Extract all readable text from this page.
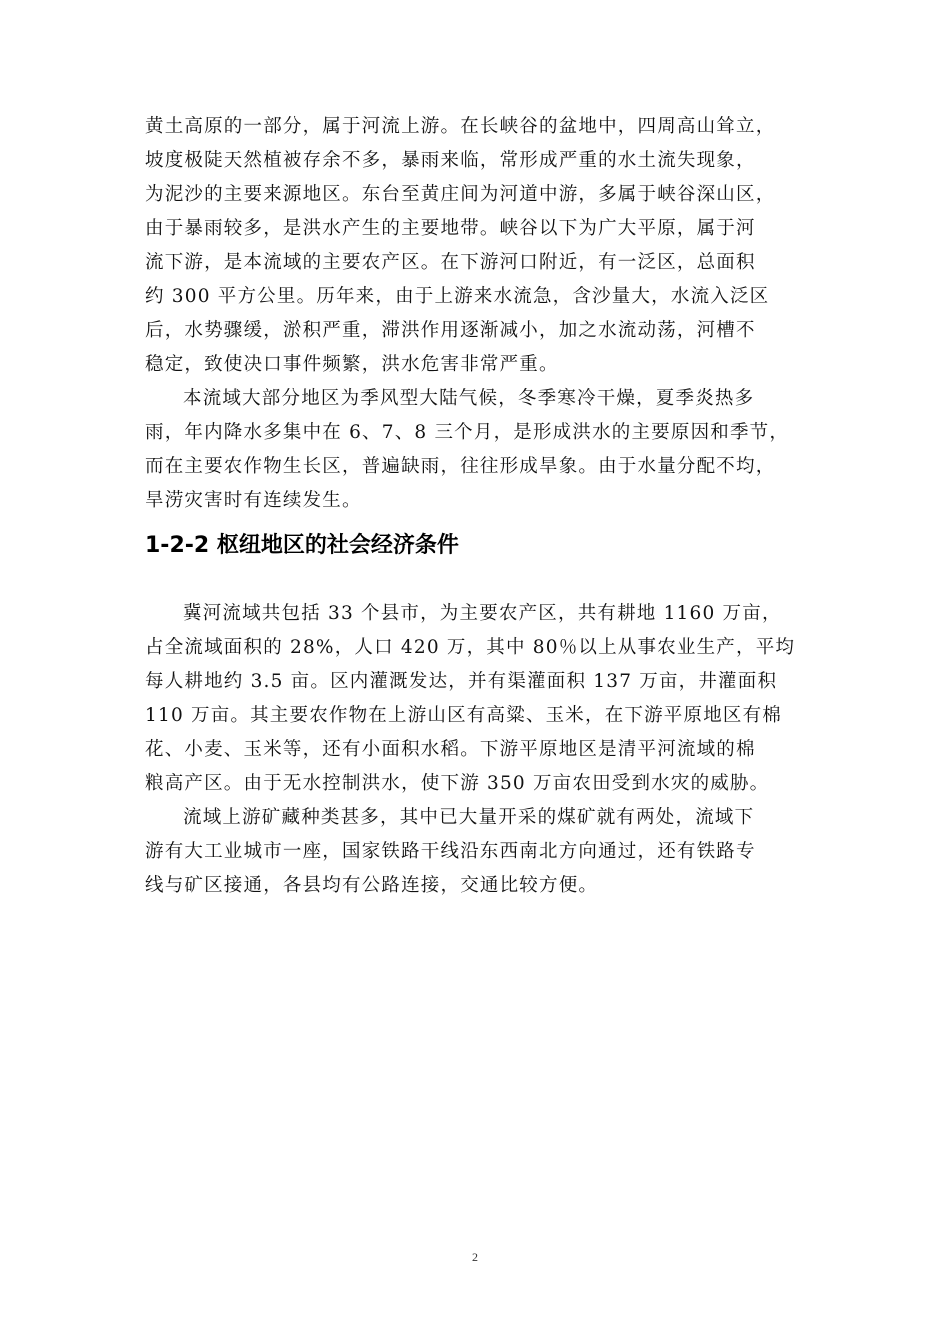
黄土高原的一部分，属于河流上游。在长峡谷的盆地中，四周高山耸立，
坡度极陡天然植被存余不多，暴雨来临，常形成严重的水土流失现象，
为泥沙的主要来源地区。东台至黄庄间为河道中游，多属于峡谷深山区，
由于暴雨较多，是洪水产生的主要地带。峡谷以下为广大平原，属于河
流下游，是本流域的主要农产区。在下游河口附近，有一泛区，总面积
约 300 平方公里。历年来，由于上游来水流急，含沙量大，水流入泛区
后，水势骤缓，淤积严重，滞洪作用逐渐减小，加之水流动荡，河槽不
稳定，致使决口事件频繁，洪水危害非常严重。
本流域大部分地区为季风型大陆气候，冬季寒冷干燥，夏季炎热多
雨，年内降水多集中在 6、7、8 三个月，是形成洪水的主要原因和季节，
而在主要农作物生长区，普遍缺雨，往往形成旱象。由于水量分配不均，
旱涝灾害时有连续发生。
1-2-2 枢纽地区的社会经济条件
冀河流域共包括 33 个县市，为主要农产区，共有耕地 1160 万亩，
占全流域面积的 28%，人口 420 万，其中 80％以上从事农业生产，平均
每人耕地约 3.5 亩。区内灌溉发达，并有渠灌面积 137 万亩，井灌面积
110 万亩。其主要农作物在上游山区有高粱、玉米，在下游平原地区有棉
花、小麦、玉米等，还有小面积水稻。下游平原地区是清平河流域的棉
粮高产区。由于无水控制洪水，使下游 350 万亩农田受到水灾的威胁。
流域上游矿藏种类甚多，其中已大量开采的煤矿就有两处，流域下
游有大工业城市一座，国家铁路干线沿东西南北方向通过，还有铁路专
线与矿区接通，各县均有公路连接，交通比较方便。
2
